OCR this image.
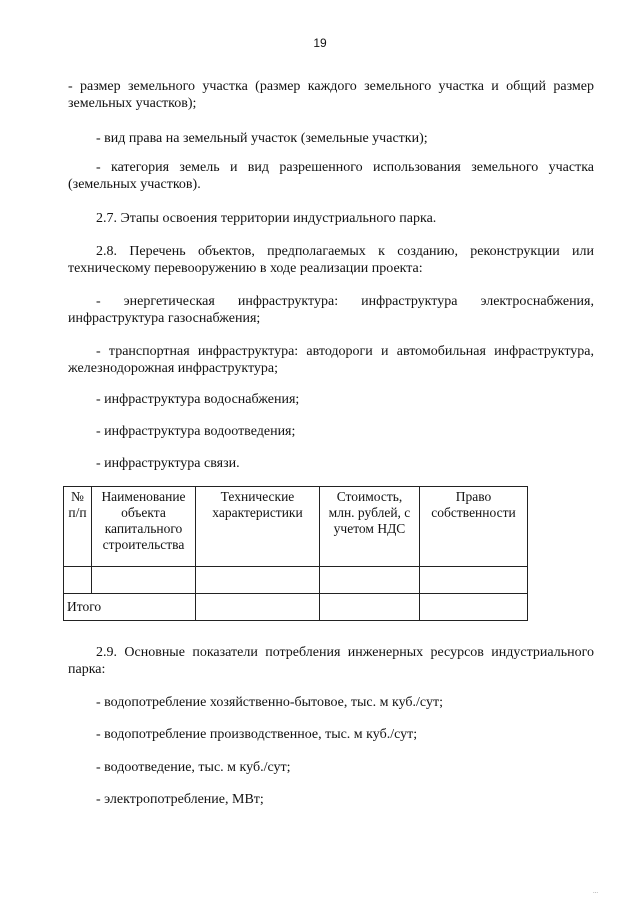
19

- размер земельного участка (размер каждого земельного участка и общий размер земельных участков);

- вид права на земельный участок (земельные участки);

- категория земель и вид разрешенного использования земельного участка (земельных участков).

2.7. Этапы освоения территории индустриального парка.

2.8. Перечень объектов, предполагаемых к созданию, реконструкции или техническому перевооружению в ходе реализации проекта:

- энергетическая инфраструктура: инфраструктура электроснабжения, инфраструктура газоснабжения;

- транспортная инфраструктура: автодороги и автомобильная инфраструктура, железнодорожная инфраструктура;

- инфраструктура водоснабжения;

- инфраструктура водоотведения;

- инфраструктура связи.

№ п/п	Наименование объекта капитального строительства	Технические характеристики	Стоимость, млн. рублей, с учетом НДС	Право собственности

Итого				

2.9. Основные показатели потребления инженерных ресурсов индустриального парка:

- водопотребление хозяйственно-бытовое, тыс. м куб./сут;

- водопотребление производственное, тыс. м куб./сут;

- водоотведение, тыс. м куб./сут;

- электропотребление, МВт;

...
